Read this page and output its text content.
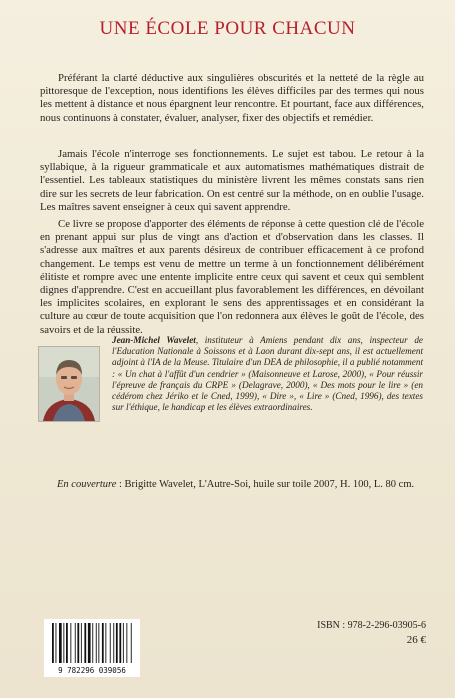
UNE ÉCOLE POUR CHACUN

Préférant la clarté déductive aux singulières obscurités et la netteté de la règle au pittoresque de l'exception, nous identifions les élèves difficiles par des termes qui nous les mettent à distance et nous épargnent leur rencontre. Et pourtant, face aux différences, nous continuons à constater, évaluer, analyser, fixer des objectifs et remédier.

Jamais l'école n'interroge ses fonctionnements. Le sujet est tabou. Le retour à la syllabique, à la rigueur grammaticale et aux automatismes mathématiques distrait de l'essentiel. Les tableaux statistiques du ministère livrent les mêmes constats sans rien dire sur les secrets de leur fabrication. On est centré sur la méthode, on en oublie l'usage. Les maîtres savent enseigner à ceux qui savent apprendre.

Ce livre se propose d'apporter des éléments de réponse à cette question clé de l'école en prenant appui sur plus de vingt ans d'action et d'observation dans les classes. Il s'adresse aux maîtres et aux parents désireux de contribuer efficacement à ce profond changement. Le temps est venu de mettre un terme à un fonctionnement délibérément élitiste et rompre avec une entente implicite entre ceux qui savent et ceux qui semblent dignes d'apprendre. C'est en accueillant plus favorablement les différences, en dévoilant les implicites scolaires, en explorant le sens des apprentissages et en considérant la culture au cœur de toute acquisition que l'on redonnera aux élèves le goût de l'école, des savoirs et de la réussite.

Jean-Michel Wavelet, instituteur à Amiens pendant dix ans, inspecteur de l'Education Nationale à Soissons et à Laon durant dix-sept ans, il est actuellement adjoint à l'IA de la Meuse. Titulaire d'un DEA de philosophie, il a publié notamment : « Un chat à l'affût d'un cendrier » (Maisonneuve et Larose, 2000), « Pour réussir l'épreuve de français du CRPE » (Delagrave, 2000), « Des mots pour le lire » (en cédérom chez Jériko et le Cned, 1999), « Dire », « Lire » (Cned, 1996), des textes sur l'éthique, le handicap et les élèves extraordinaires.
En couverture : Brigitte Wavelet, L'Autre-Soi, huile sur toile 2007, H. 100, L. 80 cm.
9 782296 039056
ISBN : 978-2-296-03905-6
26 €
